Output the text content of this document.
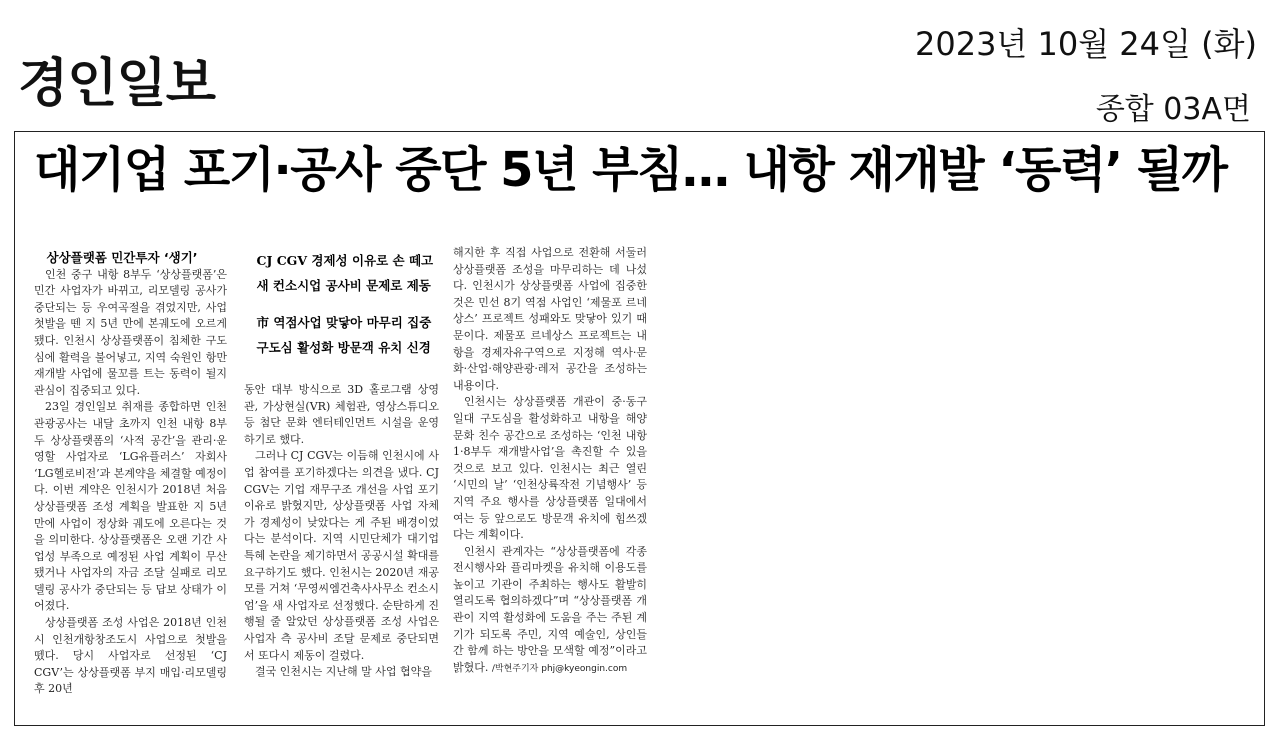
경인일보
2023년 10월 24일 (화)
종합 03A면
대기업 포기·공사 중단 5년 부침… 내항 재개발 ‘동력’ 될까

상상플랫폼 민간투자 ‘생기’

인천 중구 내항 8부두 ‘상상플랫폼’은 민간 사업자가 바뀌고, 리모델링 공사가 중단되는 등 우여곡절을 겪었지만, 사업 첫발을 뗀 지 5년 만에 본궤도에 오르게 됐다. 인천시 상상플랫폼이 침체한 구도심에 활력을 불어넣고, 지역 숙원인 항만 재개발 사업에 물꼬를 트는 동력이 될지 관심이 집중되고 있다.

23일 경인일보 취재를 종합하면 인천관광공사는 내달 초까지 인천 내항 8부두 상상플랫폼의 ‘사적 공간’을 관리·운영할 사업자로 ‘LG유플러스’ 자회사 ‘LG헬로비전’과 본계약을 체결할 예정이다. 이번 계약은 인천시가 2018년 처음 상상플랫폼 조성 계획을 발표한 지 5년 만에 사업이 정상화 궤도에 오른다는 것을 의미한다. 상상플랫폼은 오랜 기간 사업성 부족으로 예정된 사업 계획이 무산됐거나 사업자의 자금 조달 실패로 리모델링 공사가 중단되는 등 답보 상태가 이어졌다.

상상플랫폼 조성 사업은 2018년 인천시 인천개항창조도시 사업으로 첫발을 뗐다. 당시 사업자로 선정된 ‘CJ CGV’는 상상플랫폼 부지 매입·리모델링 후 20년

CJ CGV 경제성 이유로 손 떼고

새 컨소시업 공사비 문제로 제동

市 역점사업 맞닿아 마무리 집중

구도심 활성화 방문객 유치 신경

동안 대부 방식으로 3D 홀로그램 상영관, 가상현실(VR) 체험관, 영상스튜디오 등 첨단 문화 엔터테인먼트 시설을 운영하기로 했다.

그러나 CJ CGV는 이듬해 인천시에 사업 참여를 포기하겠다는 의견을 냈다. CJ CGV는 기업 재무구조 개선을 사업 포기 이유로 밝혔지만, 상상플랫폼 사업 자체가 경제성이 낮았다는 게 주된 배경이었다는 분석이다. 지역 시민단체가 대기업 특혜 논란을 제기하면서 공공시설 확대를 요구하기도 했다. 인천시는 2020년 재공모를 거쳐 ‘무영씨엠건축사사무소 컨소시엄’을 새 사업자로 선정했다. 순탄하게 진행될 줄 알았던 상상플랫폼 조성 사업은 사업자 측 공사비 조달 문제로 중단되면서 또다시 제동이 걸렸다.

결국 인천시는 지난해 말 사업 협약을

해지한 후 직접 사업으로 전환해 서둘러 상상플랫폼 조성을 마무리하는 데 나섰다. 인천시가 상상플랫폼 사업에 집중한 것은 민선 8기 역점 사업인 ‘제물포 르네상스’ 프로젝트 성패와도 맞닿아 있기 때문이다. 제물포 르네상스 프로젝트는 내항을 경제자유구역으로 지정해 역사·문화·산업·해양관광·레저 공간을 조성하는 내용이다.

인천시는 상상플랫폼 개관이 중·동구 일대 구도심을 활성화하고 내항을 해양문화 친수 공간으로 조성하는 ‘인천 내항 1·8부두 재개발사업’을 촉진할 수 있을 것으로 보고 있다. 인천시는 최근 열린 ‘시민의 날’ ‘인천상륙작전 기념행사’ 등 지역 주요 행사를 상상플랫폼 일대에서 여는 등 앞으로도 방문객 유치에 힘쓰겠다는 계획이다.

인천시 관계자는 “상상플랫폼에 각종 전시행사와 플리마켓을 유치해 이용도를 높이고 기관이 주최하는 행사도 활발히 열리도록 협의하겠다”며 “상상플랫폼 개관이 지역 활성화에 도움을 주는 주된 계기가 되도록 주민, 지역 예술인, 상인들 간 함께 하는 방안을 모색할 예정”이라고 밝혔다. /박현주기자 phj@kyeongin.com
